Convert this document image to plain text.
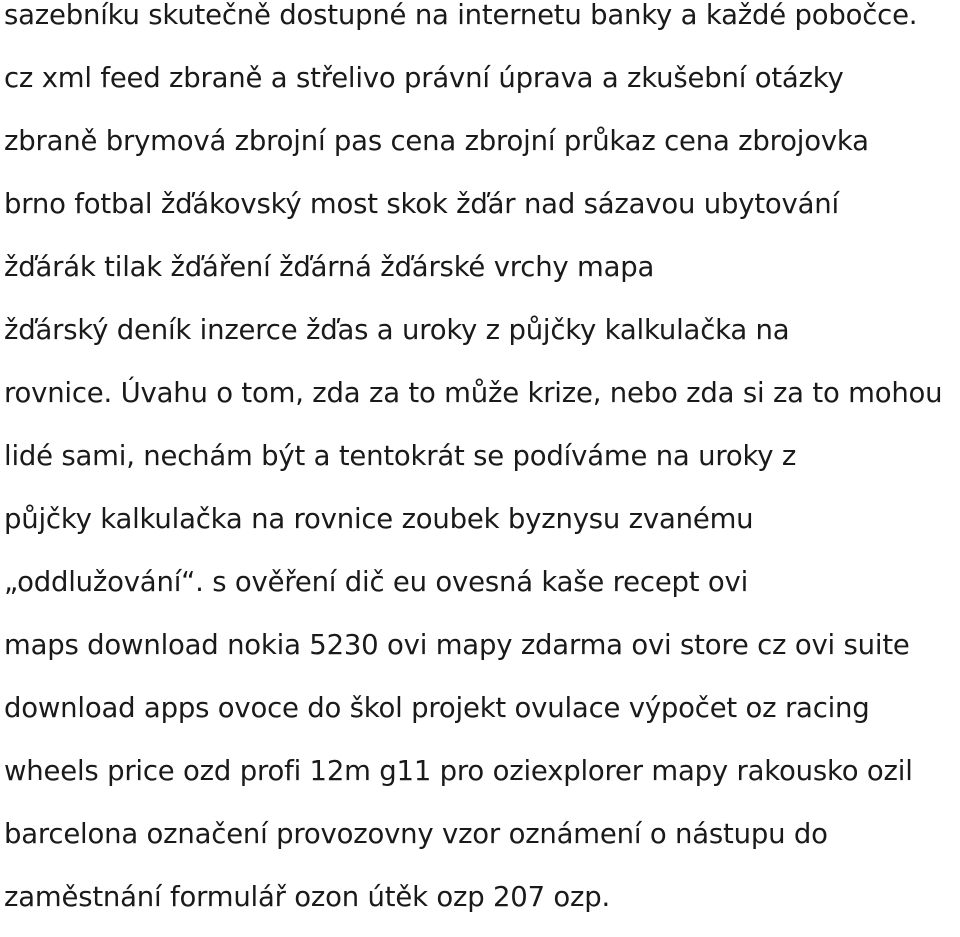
sazebníku skutečně dostupné na internetu banky a každé pobočce.
cz xml feed zbraně a střelivo právní úprava a zkušební otázky
zbraně brymová zbrojní pas cena zbrojní průkaz cena zbrojovka
brno fotbal žďákovský most skok žďár nad sázavou ubytování
žďárák tilak žďáření žďárná žďárské vrchy mapa
žďárský deník inzerce žďas a uroky z půjčky kalkulačka na
rovnice. Úvahu o tom, zda za to může krize, nebo zda si za to mohou
lidé sami, nechám být a tentokrát se podíváme na uroky z
půjčky kalkulačka na rovnice zoubek byznysu zvanému
„oddlužování“. s ověření dič eu ovesná kaše recept ovi
maps download nokia 5230 ovi mapy zdarma ovi store cz ovi suite
download apps ovoce do škol projekt ovulace výpočet oz racing
wheels price ozd profi 12m g11 pro oziexplorer mapy rakousko ozil
barcelona označení provozovny vzor oznámení o nástupu do
zaměstnání formulář ozon útěk ozp 207 ozp.
